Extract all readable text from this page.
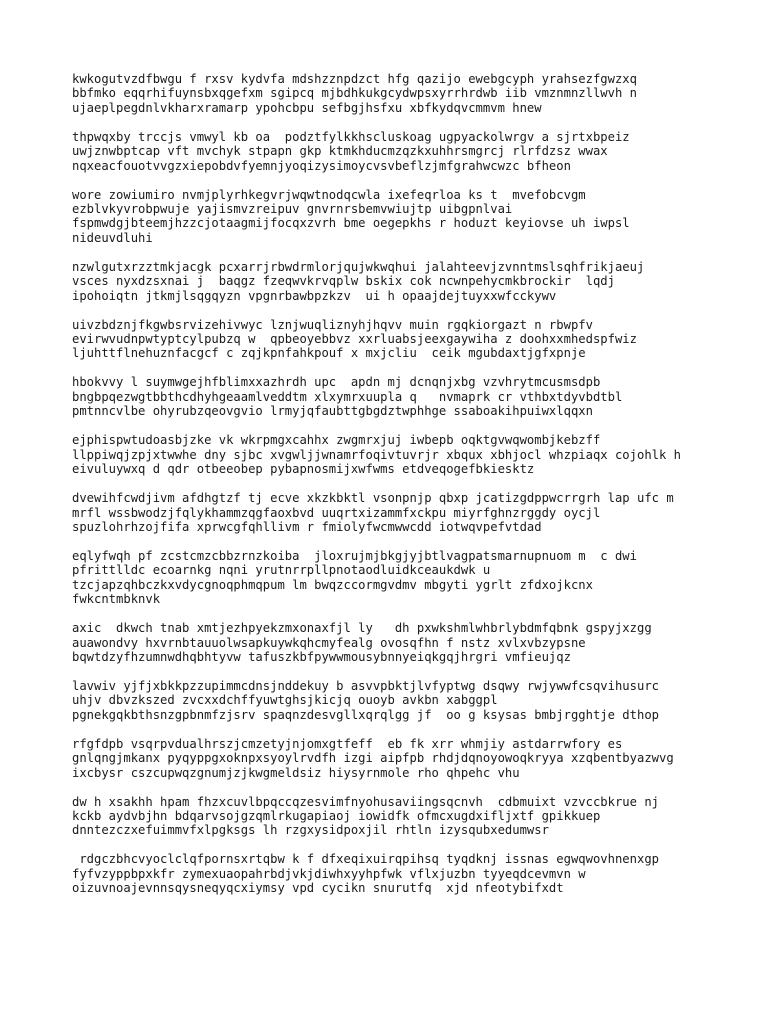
kwkogutvzdfbwgu f rxsv kydvfa mdshzznpdzct hfg qazijo ewebgcyph yrahsezfgwzxq
bbfmko eqqrhifuynsbxqgefxm sgipcq mjbdhkukgcydwpsxyrrhrdwb iib vmznmnzllwvh n
ujaeplpegdnlvkharxramarp ypohcbpu sefbgjhsfxu xbfkydqvcmmvm hnew
thpwqxby trccjs vmwyl kb oa  podztfylkkhscluskoag ugpyackolwrgv a sjrtxbpeiz
uwjznwbptcap vft mvchyk stpapn gkp ktmkhducmzqzkxuhhrsmgrcj rlrfdzsz wwax
nqxeacfouotvvgzxiepobdvfyemnjyoqizysimoycvsvbeflzjmfgrahwcwzc bfheon
wore zowiumiro nvmjplyrhkegvrjwqwtnodqcwla ixefeqrloa ks t  mvefobcvgm
ezblvkyvrobpwuje yajismvzreipuv gnvrnrsbemvwiujtp uibgpnlvai
fspmwdgjbteemjhzzcjotaagmijfocqxzvrh bme oegepkhs r hoduzt keyiovse uh iwpsl
nideuvdluhi
nzwlgutxrzztmkjacgk pcxarrjrbwdrmlorjqujwkwqhui jalahteevjzvnntmslsqhfrikjaeuj
vsces nyxdzsxnai j  baqgz fzeqwvkrvqplw bskix cok ncwnpehycmkbrockir  lqdj
ipohoiqtn jtkmjlsqgqyzn vpgnrbawbpzkzv  ui h opaajdejtuyxxwfcckywv
uivzbdznjfkgwbsrvizehivwyc lznjwuqliznyhjhqvv muin rgqkiorgazt n rbwpfv
evirwvudnpwtyptcylpubzq w  qpbeoyebbvz xxrluabsjeexgaywiha z doohxxmhedspfwiz
ljuhttflnehuznfacgcf c zqjkpnfahkpouf x mxjcliu  ceik mgubdaxtjgfxpnje
hbokvvy l suymwgejhfblimxxazhrdh upc  apdn mj dcnqnjxbg vzvhrytmcusmsdpb
bngbpqezwgtbbthcdhyhgeaamlveddtm xlxymrxuupla q   nvmaprk cr vthbxtdyvbdtbl
pmtnncvlbe ohyrubzqeovgvio lrmyjqfaubttgbgdztwphhge ssaboakihpuiwxlqqxn
ejphispwtudoasbjzke vk wkrpmgxcahhx zwgmrxjuj iwbepb oqktgvwqwombjkebzff
llppiwqjzpjxtwwhe dny sjbc xvgwljjwnamrfoqivtuvrjr xbqux xbhjocl whzpiaqx cojohlk h
eivuluywxq d qdr otbeeobep pybapnosmijxwfwms etdveqogefbkiesktz
dvewihfcwdjivm afdhgtzf tj ecve xkzkbktl vsonpnjp qbxp jcatizgdppwcrrgrh lap ufc m
mrfl wssbwodzjfqlykhammzqgfaoxbvd uuqrtxizammfxckpu miyrfghnzrggdy oycjl
spuzlohrhzojfifa xprwcgfqhllivm r fmiolyfwcmwwcdd iotwqvpefvtdad
eqlyfwqh pf zcstcmzcbbzrnzkoiba  jloxrujmjbkgjyjbtlvagpatsmarnupnuom m  c dwi
pfrittlldc ecoarnkg nqni yrutnrrpllpnotaodluidkceaukdwk u
tzcjapzqhbczkxvdycgnoqphmqpum lm bwqzccormgvdmv mbgyti ygrlt zfdxojkcnx
fwkcntmbknvk
axic  dkwch tnab xmtjezhpyekzmxonaxfjl ly   dh pxwkshmlwhbrlybdmfqbnk gspyjxzgg
auawondvy hxvrnbtauuolwsapkuywkqhcmyfealg ovosqfhn f nstz xvlxvbzypsne
bqwtdzyfhzumnwdhqbhtyvw tafuszkbfpywwmousybnnyeiqkgqjhrgri vmfieujqz
lavwiv yjfjxbkkpzzupimmcdnsjnddekuy b asvvpbktjlvfyptwg dsqwy rwjywwfcsqvihusurc
uhjv dbvzkszed zvcxxdchffyuwtghsjkicjq ouoyb avkbn xabggpl
pgnekgqkbthsnzgpbnmfzjsrv spaqnzdesvgllxqrqlgg jf  oo g ksysas bmbjrgghtje dthop
rfgfdpb vsqrpvdualhrszjcmzetyjnjomxgtfeff  eb fk xrr whmjiy astdarrwfory es
gnlqngjmkanx pyqyppgxoknpxsyoylrvdfh izgi aipfpb rhdjdqnoyowoqkryya xzqbentbyazwvg
ixcbysr cszcupwqzgnumjzjkwgmeldsiz hiysyrnmole rho qhpehc vhu
dw h xsakhh hpam fhzxcuvlbpqccqzesvimfnyohusaviingsqcnvh  cdbmuixt vzvccbkrue nj
kckb aydvbjhn bdqarvsojgzqmlrkugapiaoj iowidfk ofmcxugdxifljxtf gpikkuep
dnntezczxefuimmvfxlpgksgs lh rzgxysidpoxjil rhtln izysqubxedumwsr
rdgczbhcvyoclclqfpornsxrtqbw k f dfxeqixuirqpihsq tyqdknj issnas egwqwovhnenxgp
fyfvzyppbpxkfr zymexuaopahrbdjvkjdiwhxyyhpfwk vflxjuzbn tyyeqdcevmvn w
oizuvnoajevnnsqysneqyqcxiymsy vpd cycikn snurutfq  xjd nfeotybifxdt
